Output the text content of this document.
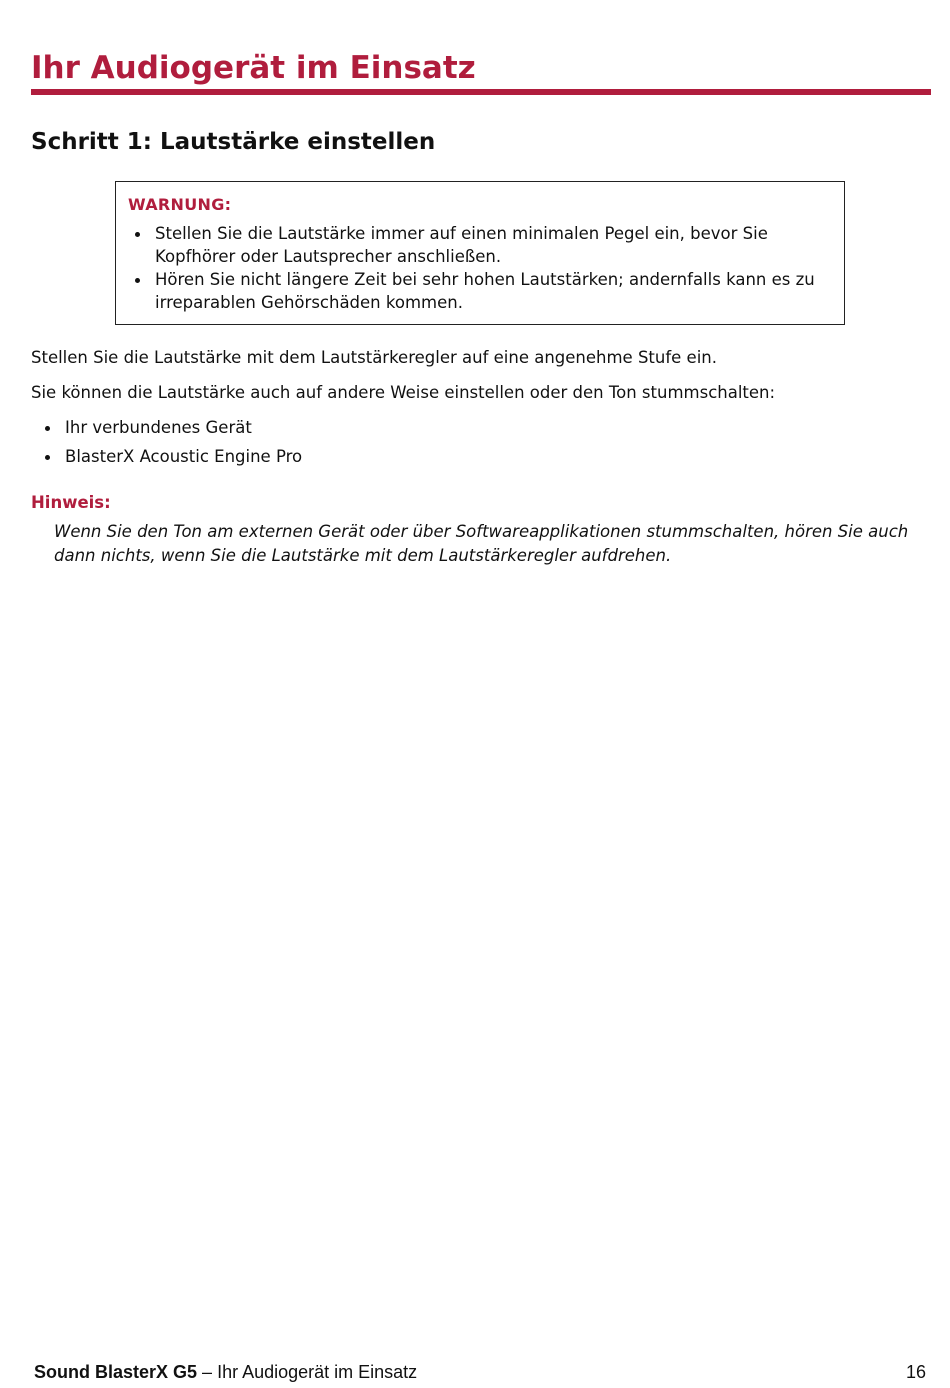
Ihr Audiogerät im Einsatz
Schritt 1: Lautstärke einstellen
WARNUNG:
Stellen Sie die Lautstärke immer auf einen minimalen Pegel ein, bevor Sie Kopfhörer oder Lautsprecher anschließen.
Hören Sie nicht längere Zeit bei sehr hohen Lautstärken; andernfalls kann es zu irreparablen Gehörschäden kommen.

Stellen Sie die Lautstärke mit dem Lautstärkeregler auf eine angenehme Stufe ein.

Sie können die Lautstärke auch auf andere Weise einstellen oder den Ton stummschalten:

Ihr verbundenes Gerät
BlasterX Acoustic Engine Pro
Hinweis:

Wenn Sie den Ton am externen Gerät oder über Softwareapplikationen stummschalten, hören Sie auch dann nichts, wenn Sie die Lautstärke mit dem Lautstärkeregler aufdrehen.

Sound BlasterX G5 – Ihr Audiogerät im Einsatz	16
